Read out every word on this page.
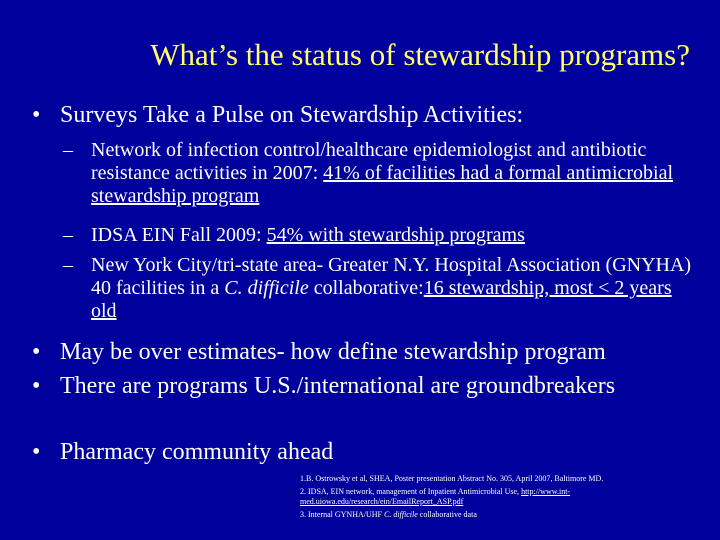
What’s the status of stewardship programs?
• Surveys Take a Pulse on Stewardship Activities:
– Network of infection control/healthcare epidemiologist and antibiotic resistance activities in 2007: 41% of facilities had a formal antimicrobial stewardship program
– IDSA EIN Fall 2009: 54% with stewardship programs
– New York City/tri-state area- Greater N.Y. Hospital Association (GNYHA) 40 facilities in a C. difficile collaborative:16 stewardship, most < 2 years old
• May be over estimates- how define stewardship program
• There are programs U.S./international are groundbreakers
• Pharmacy community ahead
1.B. Ostrowsky et al, SHEA, Poster presentation Abstract No. 305, April 2007, Baltimore MD.
2. IDSA, EIN network, management of Inpatient Antimicrobial Use, http://www.int-med.uiowa.edu/research/ein/EmailReport_ASP.pdf
3. Internal GYNHA/UHF C. difficile collaborative data
